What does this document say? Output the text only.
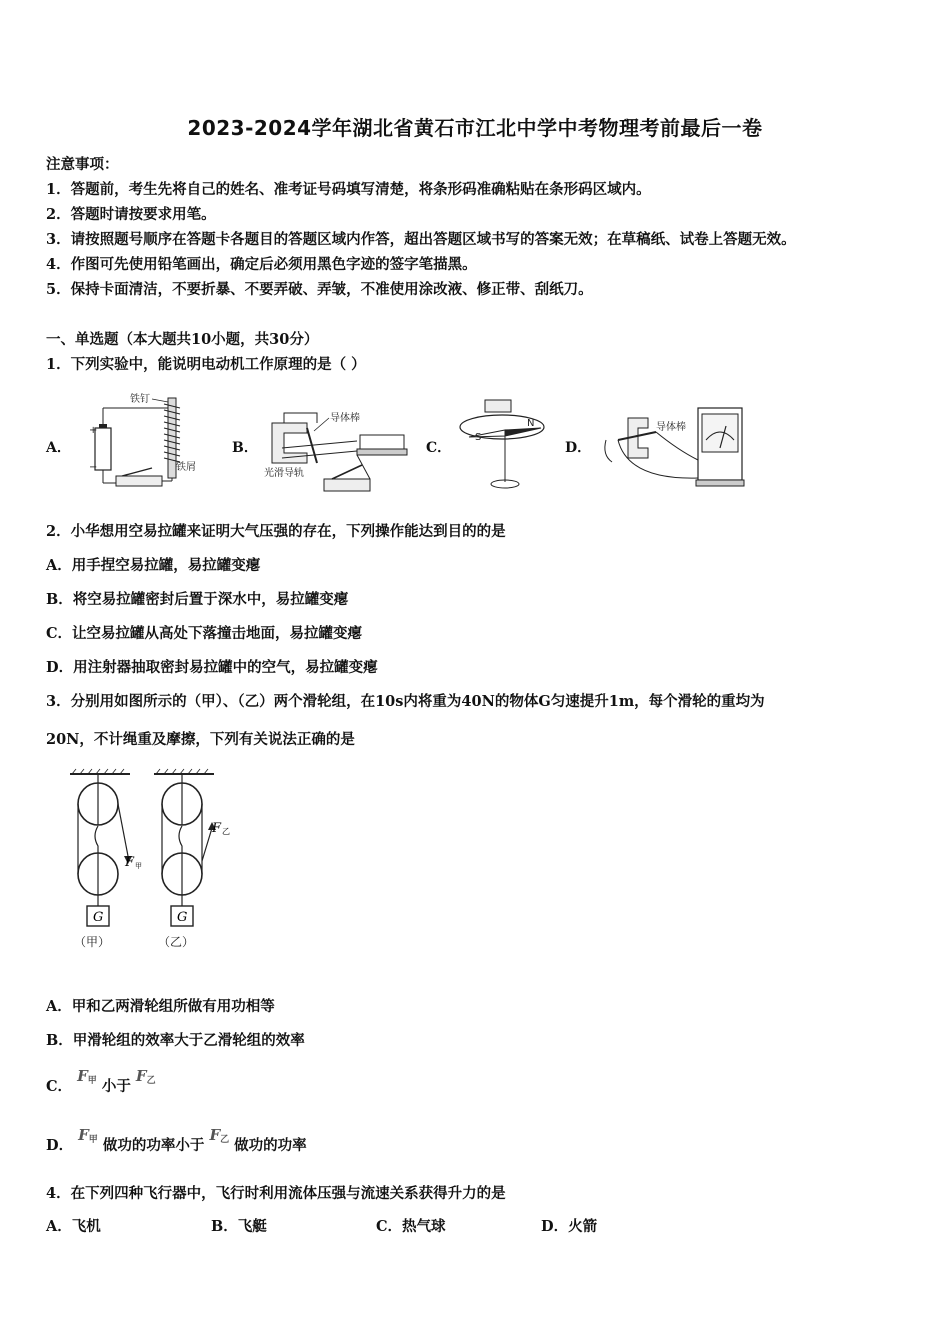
2023-2024学年湖北省黄石市江北中学中考物理考前最后一卷
注意事项：
1．答题前，考生先将自己的姓名、准考证号码填写清楚，将条形码准确粘贴在条形码区域内。
2．答题时请按要求用笔。
3．请按照题号顺序在答题卡各题目的答题区域内作答，超出答题区域书写的答案无效；在草稿纸、试卷上答题无效。
4．作图可先使用铅笔画出，确定后必须用黑色字迹的签字笔描黑。
5．保持卡面清洁，不要折暴、不要弄破、弄皱，不准使用涂改液、修正带、刮纸刀。
一、单选题（本大题共10小题，共30分）
1．下列实验中，能说明电动机工作原理的是（ ）
A．	B．	C．	D．
+
−
铁钉
铁屑
导体棒
光滑导轨
S
N	导体棒
2．小华想用空易拉罐来证明大气压强的存在，下列操作能达到目的的是
A．用手捏空易拉罐，易拉罐变瘪
B．将空易拉罐密封后置于深水中，易拉罐变瘪
C．让空易拉罐从高处下落撞击地面，易拉罐变瘪
D．用注射器抽取密封易拉罐中的空气，易拉罐变瘪
3．分别用如图所示的（甲）、（乙）两个滑轮组，在10s内将重为40N的物体G匀速提升1m，每个滑轮的重均为
20N，不计绳重及摩擦，下列有关说法正确的是
G
F 甲
（甲）
G
F 乙
（乙）
A．甲和乙两滑轮组所做有用功相等
B．甲滑轮组的效率大于乙滑轮组的效率
C． F甲 小于 F乙
D． F甲 做功的功率小于 F乙 做功的功率
4．在下列四种飞行器中，飞行时利用流体压强与流速关系获得升力的是
A．飞机	B．飞艇	C．热气球	D．火箭
